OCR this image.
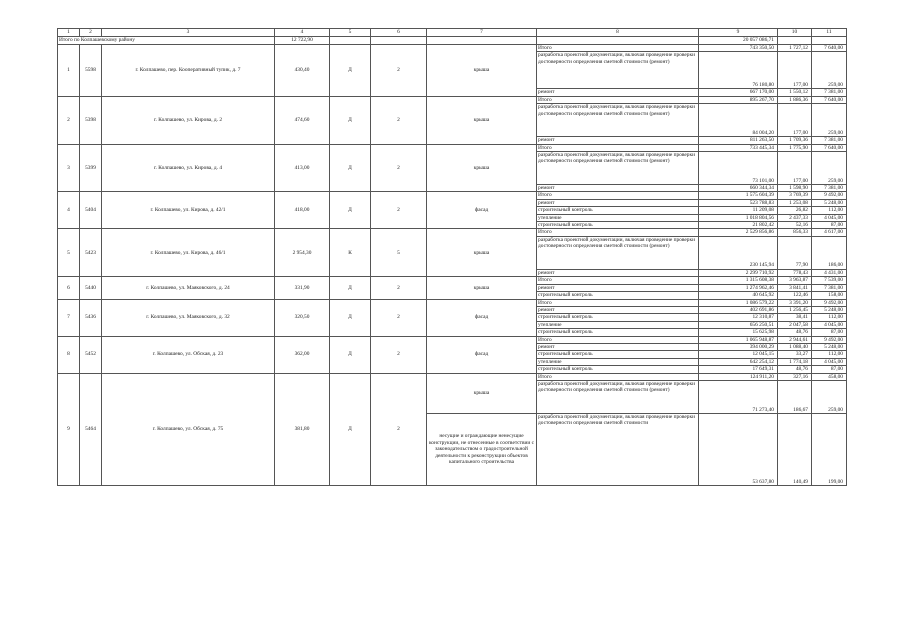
1	2	3	4	5	6	7	8	9	10	11
Итого по Колпашевскому району			12 722,90					20 057 086,71		
1	5598	г. Колпашево, пер. Кооперативный тупик, д. 7	430,40	Д	2	крыша	Итого	743 350,50	1 727,12	7 640,00
							разработка проектной документации, включая проведение проверки достоверности определения сметной стоимости (ремонт)	76 180,80	177,00	259,00
							ремонт	667 170,00	1 550,12	7 381,00
2	5398	г. Колпашево, ул. Кирова, д. 2	474,60	Д	2	крыша	Итого	895 267,70	1 886,36	7 640,00
							разработка проектной документации, включая проведение проверки достоверности определения сметной стоимости (ремонт)	84 004,20	177,00	259,00
							ремонт	811 263,50	1 709,36	7 381,00
3	5399	г. Колпашево, ул. Кирова, д. 4	413,00	Д	2	крыша	Итого	733 445,34	1 775,90	7 640,00
							разработка проектной документации, включая проведение проверки достоверности определения сметной стоимости (ремонт)	73 101,00	177,00	259,00
							ремонт	660 344,34	1 598,90	7 381,00
4	5404	г. Колпашево, ул. Кирова, д. 42/1	418,00	Д	2	фасад	Итого	1 575 604,39	3 769,39	9 492,00
							ремонт	523 788,83	1 253,08	5 248,00
							строительный контроль	11 209,08	26,82	112,00
							утепление	1 018 804,56	2 437,33	4 045,00
							строительный контроль	21 802,42	52,16	87,00
5	5423	г. Колпашево, ул. Кирова, д. 46/1	2 954,30	К	5	крыша	Итого	2 529 856,86	856,33	4 617,00
							разработка проектной документации, включая проведение проверки достоверности определения сметной стоимости (ремонт)	230 145,94	77,90	186,00
							ремонт	2 299 710,92	778,43	4 431,00
6	5440	г. Колпашево, ул. Маяковского, д. 24	331,90	Д	2	крыша	Итого	1 315 608,38	3 963,87	7 539,00
							ремонт	1 274 962,46	3 841,41	7 381,00
							строительный контроль	40 645,92	122,46	158,00
7	5436	г. Колпашево, ул. Маяковского, д. 32	320,50	Д	2	фасад	Итого	1 086 579,22	3 391,20	9 492,00
							ремонт	402 691,86	1 256,45	5 248,00
							строительный контроль	12 310,87	38,41	112,00
							утепление	656 250,51	2 047,58	4 045,00
							строительный контроль	15 625,98	48,76	87,00
8	5452	г. Колпашево, ул. Обская, д. 23	362,00	Д	2	фасад	Итого	1 065 948,87	2 944,61	9 492,00
							ремонт	394 000,29	1 088,40	5 248,00
							строительный контроль	12 045,15	33,27	112,00
							утепление	642 254,12	1 774,18	4 045,00
							строительный контроль	17 649,31	48,76	87,00
9	5464	г. Колпашево, ул. Обская, д. 75	381,80	Д	2	крыша	Итого	124 911,20	327,16	458,00
							разработка проектной документации, включая проведение проверки достоверности определения сметной стоимости (ремонт)	71 273,40	186,67	259,00
						несущие и ограждающие ненесущие конструкции, не отнесенные в соответствии с законодательством о градостроительной деятельности к реконструкции объектов капитального строительства	разработка проектной документации, включая проведение проверки достоверности определения сметной стоимости	53 637,80	140,49	199,00
